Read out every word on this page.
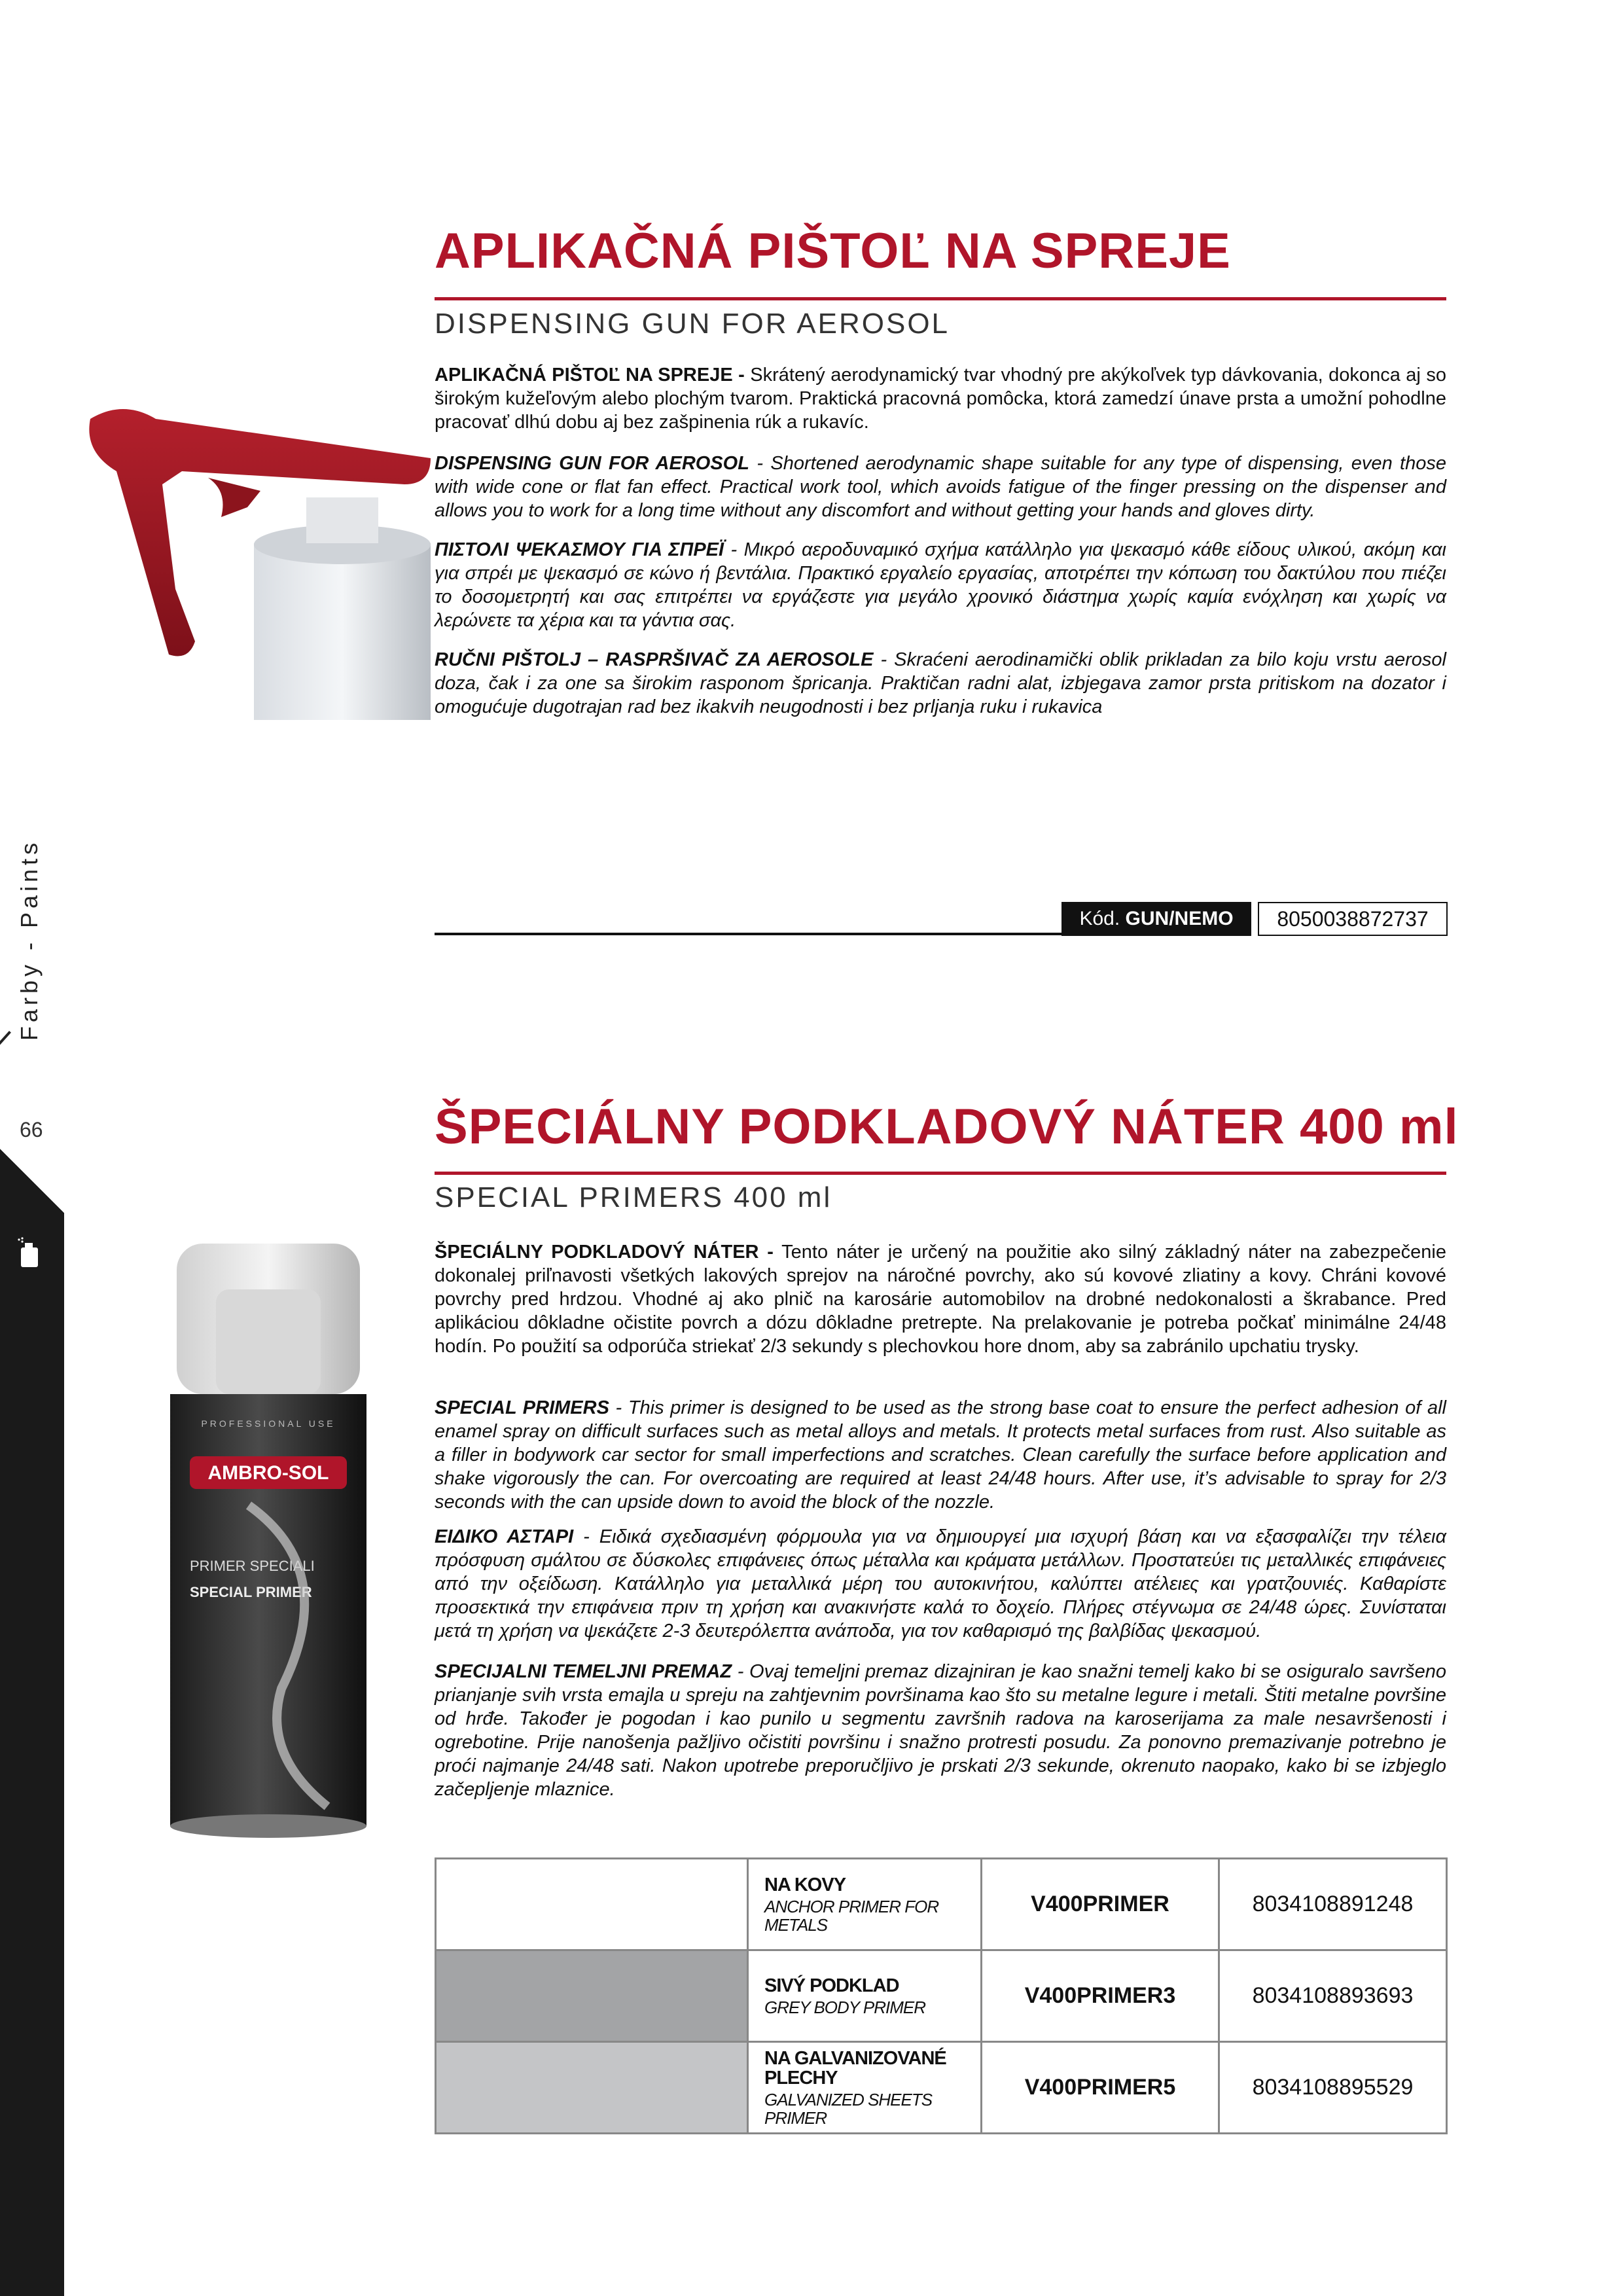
Farby - Paints
66
APLIKAČNÁ PIŠTOĽ NA SPREJE
DISPENSING GUN FOR AEROSOL

APLIKAČNÁ PIŠTOĽ NA SPREJE - Skrátený aerodynamický tvar vhodný pre akýkoľvek typ dávkovania, dokonca aj so širokým kužeľovým alebo plochým tvarom. Praktická pracovná pomôcka, ktorá zamedzí únave prsta a umožní pohodlne pracovať dlhú dobu aj bez zašpinenia rúk a rukavíc.

DISPENSING GUN FOR AEROSOL - Shortened aerodynamic shape suitable for any type of dispensing, even those with wide cone or flat fan effect. Practical work tool, which avoids fatigue of the finger pressing on the dispenser and allows you to work for a long time without any discomfort and without getting your hands and gloves dirty.

ΠΙΣΤΟΛΙ ΨΕΚΑΣΜΟΥ ΓΙΑ ΣΠΡΕΪ - Μικρό αεροδυναμικό σχήμα κατάλληλο για ψεκασμό κάθε είδους υλικού, ακόμη και για σπρέι με ψεκασμό σε κώνο ή βεντάλια. Πρακτικό εργαλείο εργασίας, αποτρέπει την κόπωση του δακτύλου που πιέζει το δοσομετρητή και σας επιτρέπει να εργάζεστε για μεγάλο χρονικό διάστημα χωρίς καμία ενόχληση και χωρίς να λερώνετε τα χέρια και τα γάντια σας.

RUČNI PIŠTOLJ – RASPRŠIVAČ ZA AEROSOLE - Skraćeni aerodinamički oblik prikladan za bilo koju vrstu aerosol doza, čak i za one sa širokim rasponom špricanja. Praktičan radni alat, izbjegava zamor prsta pritiskom na dozator i omogućuje dugotrajan rad bez ikakvih neugodnosti i bez prljanja ruku i rukavica

Kód. GUN/NEMO	8050038872737
PROFESSIONAL USE
AMBRO-SOL
PRIMER SPECIALI
SPECIAL PRIMER
ŠPECIÁLNY PODKLADOVÝ NÁTER 400 ml
SPECIAL PRIMERS 400 ml

ŠPECIÁLNY PODKLADOVÝ NÁTER - Tento náter je určený na použitie ako silný základný náter na zabezpečenie dokonalej priľnavosti všetkých lakových sprejov na náročné povrchy, ako sú kovové zliatiny a kovy. Chráni kovové povrchy pred hrdzou. Vhodné aj ako plnič na karosárie automobilov na drobné nedokonalosti a škrabance. Pred aplikáciou dôkladne očistite povrch a dózu dôkladne pretrepte. Na prelakovanie je potreba počkať minimálne 24/48 hodín. Po použití sa odporúča striekať 2/3 sekundy s plechovkou hore dnom, aby sa zabránilo upchatiu trysky.

SPECIAL PRIMERS - This primer is designed to be used as the strong base coat to ensure the perfect adhesion of all enamel spray on difficult surfaces such as metal alloys and metals. It protects metal surfaces from rust. Also suitable as a filler in bodywork car sector for small imperfections and scratches. Clean carefully the surface before application and shake vigorously the can. For overcoating are required at least 24/48 hours. After use, it’s advisable to spray for 2/3 seconds with the can upside down to avoid the block of the nozzle.

ΕΙΔΙΚΟ ΑΣΤΑΡΙ - Ειδικά σχεδιασμένη φόρμουλα για να δημιουργεί μια ισχυρή βάση και να εξασφαλίζει την τέλεια πρόσφυση σμάλτου σε δύσκολες επιφάνειες όπως μέταλλα και κράματα μετάλλων. Προστατεύει τις μεταλλικές επιφάνειες από την οξείδωση. Κατάλληλο για μεταλλικά μέρη του αυτοκινήτου, καλύπτει ατέλειες και γρατζουνιές. Καθαρίστε προσεκτικά την επιφάνεια πριν τη χρήση και ανακινήστε καλά το δοχείο. Πλήρες στέγνωμα σε 24/48 ώρες. Συνίσταται μετά τη χρήση να ψεκάζετε 2-3 δευτερόλεπτα ανάποδα, για τον καθαρισμό της βαλβίδας ψεκασμού.

SPECIJALNI TEMELJNI PREMAZ - Ovaj temeljni premaz dizajniran je kao snažni temelj kako bi se osiguralo savršeno prianjanje svih vrsta emajla u spreju na zahtjevnim površinama kao što su metalne legure i metali. Štiti metalne površine od hrđe. Također je pogodan i kao punilo u segmentu završnih radova na karoserijama za male nesavršenosti i ogrebotine. Prije nanošenja pažljivo očistiti površinu i snažno protresti posudu. Za ponovno premazivanje potrebno je proći najmanje 24/48 sati. Nakon upotrebe preporučljivo je prskati 2/3 sekunde, okrenuto naopako, kako bi se izbjeglo začepljenje mlaznice.

	NA KOVY
ANCHOR PRIMER FOR METALS	V400PRIMER	8034108891248

	SIVÝ PODKLAD
GREY BODY PRIMER	V400PRIMER3	8034108893693

	NA GALVANIZOVANÉ PLECHY
GALVANIZED SHEETS PRIMER	V400PRIMER5	8034108895529
